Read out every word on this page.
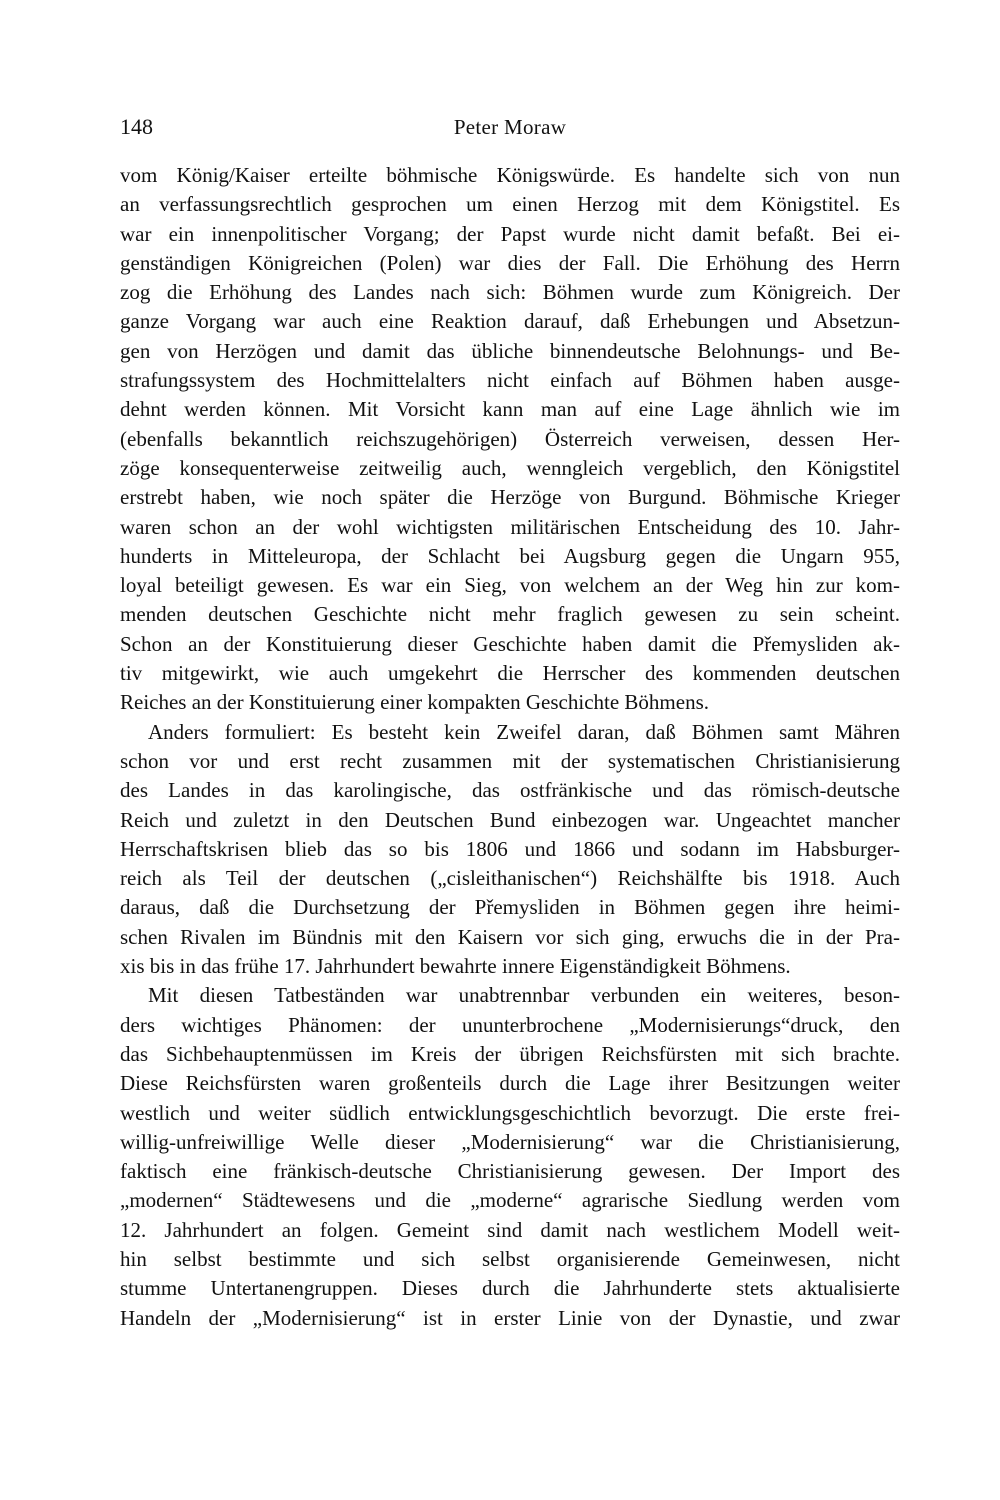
148	Peter Moraw
vom König/Kaiser erteilte böhmische Königswürde. Es handelte sich von nun
an verfassungsrechtlich gesprochen um einen Herzog mit dem Königstitel. Es
war ein innenpolitischer Vorgang; der Papst wurde nicht damit befaßt. Bei ei-
genständigen Königreichen (Polen) war dies der Fall. Die Erhöhung des Herrn
zog die Erhöhung des Landes nach sich: Böhmen wurde zum Königreich. Der
ganze Vorgang war auch eine Reaktion darauf, daß Erhebungen und Absetzun-
gen von Herzögen und damit das übliche binnendeutsche Belohnungs- und Be-
strafungssystem des Hochmittelalters nicht einfach auf Böhmen haben ausge-
dehnt werden können. Mit Vorsicht kann man auf eine Lage ähnlich wie im
(ebenfalls bekanntlich reichszugehörigen) Österreich verweisen, dessen Her-
zöge konsequenterweise zeitweilig auch, wenngleich vergeblich, den Königstitel
erstrebt haben, wie noch später die Herzöge von Burgund. Böhmische Krieger
waren schon an der wohl wichtigsten militärischen Entscheidung des 10. Jahr-
hunderts in Mitteleuropa, der Schlacht bei Augsburg gegen die Ungarn 955,
loyal beteiligt gewesen. Es war ein Sieg, von welchem an der Weg hin zur kom-
menden deutschen Geschichte nicht mehr fraglich gewesen zu sein scheint.
Schon an der Konstituierung dieser Geschichte haben damit die Přemysliden ak-
tiv mitgewirkt, wie auch umgekehrt die Herrscher des kommenden deutschen
Reiches an der Konstituierung einer kompakten Geschichte Böhmens.
Anders formuliert: Es besteht kein Zweifel daran, daß Böhmen samt Mähren
schon vor und erst recht zusammen mit der systematischen Christianisierung
des Landes in das karolingische, das ostfränkische und das römisch-deutsche
Reich und zuletzt in den Deutschen Bund einbezogen war. Ungeachtet mancher
Herrschaftskrisen blieb das so bis 1806 und 1866 und sodann im Habsburger-
reich als Teil der deutschen („cisleithanischen“) Reichshälfte bis 1918. Auch
daraus, daß die Durchsetzung der Přemysliden in Böhmen gegen ihre heimi-
schen Rivalen im Bündnis mit den Kaisern vor sich ging, erwuchs die in der Pra-
xis bis in das frühe 17. Jahrhundert bewahrte innere Eigenständigkeit Böhmens.
Mit diesen Tatbeständen war unabtrennbar verbunden ein weiteres, beson-
ders wichtiges Phänomen: der ununterbrochene „Modernisierungs“druck, den
das Sichbehauptenmüssen im Kreis der übrigen Reichsfürsten mit sich brachte.
Diese Reichsfürsten waren großenteils durch die Lage ihrer Besitzungen weiter
westlich und weiter südlich entwicklungsgeschichtlich bevorzugt. Die erste frei-
willig-unfreiwillige Welle dieser „Modernisierung“ war die Christianisierung,
faktisch eine fränkisch-deutsche Christianisierung gewesen. Der Import des
„modernen“ Städtewesens und die „moderne“ agrarische Siedlung werden vom
12. Jahrhundert an folgen. Gemeint sind damit nach westlichem Modell weit-
hin selbst bestimmte und sich selbst organisierende Gemeinwesen, nicht
stumme Untertanengruppen. Dieses durch die Jahrhunderte stets aktualisierte
Handeln der „Modernisierung“ ist in erster Linie von der Dynastie, und zwar
